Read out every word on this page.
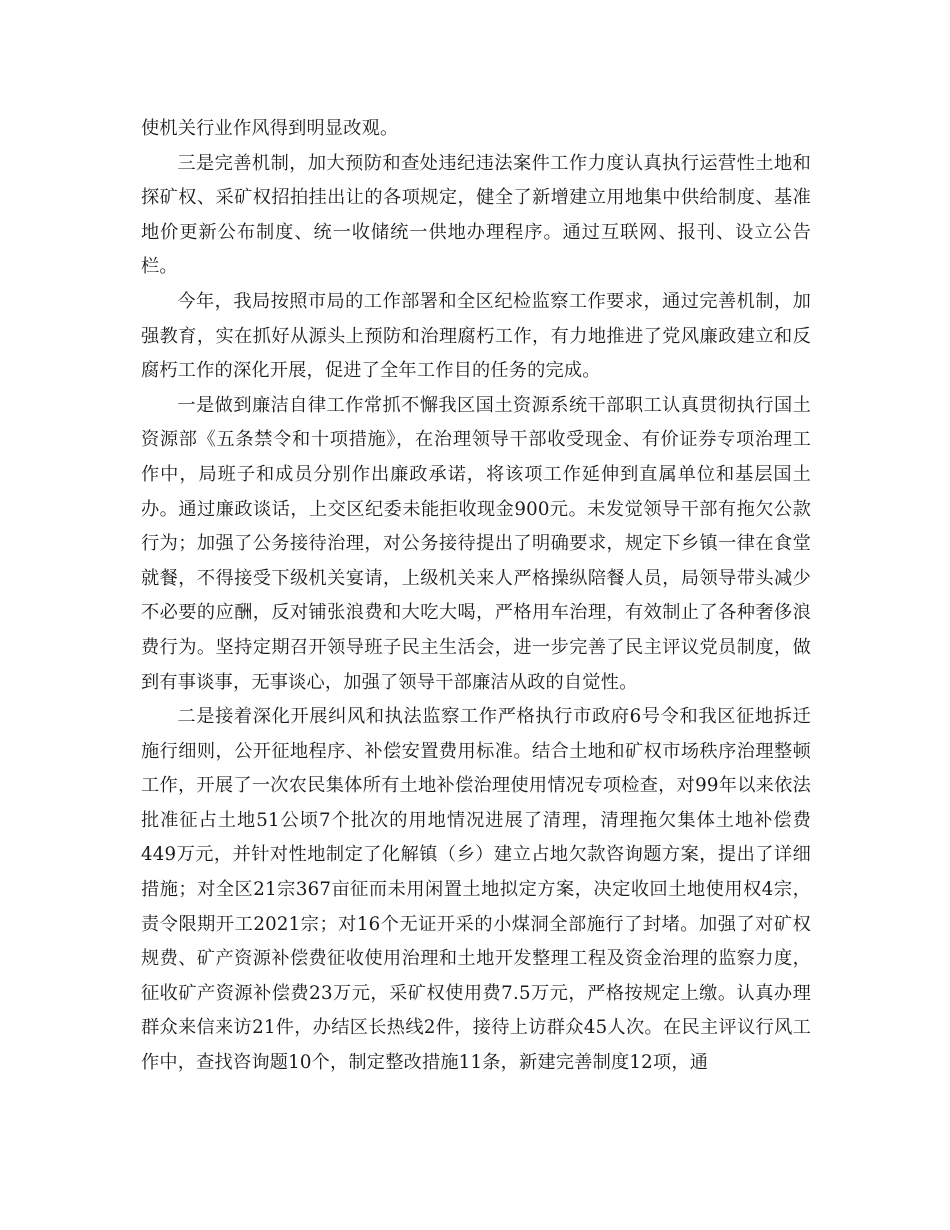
使机关行业作风得到明显改观。

三是完善机制，加大预防和查处违纪违法案件工作力度认真执行运营性土地和探矿权、采矿权招拍挂出让的各项规定，健全了新增建立用地集中供给制度、基准地价更新公布制度、统一收储统一供地办理程序。通过互联网、报刊、设立公告栏。

今年，我局按照市局的工作部署和全区纪检监察工作要求，通过完善机制，加强教育，实在抓好从源头上预防和治理腐朽工作，有力地推进了党风廉政建立和反腐朽工作的深化开展，促进了全年工作目的任务的完成。

一是做到廉洁自律工作常抓不懈我区国土资源系统干部职工认真贯彻执行国土资源部《五条禁令和十项措施》，在治理领导干部收受现金、有价证券专项治理工作中，局班子和成员分别作出廉政承诺，将该项工作延伸到直属单位和基层国土办。通过廉政谈话，上交区纪委未能拒收现金900元。未发觉领导干部有拖欠公款行为；加强了公务接待治理，对公务接待提出了明确要求，规定下乡镇一律在食堂就餐，不得接受下级机关宴请，上级机关来人严格操纵陪餐人员，局领导带头减少不必要的应酬，反对铺张浪费和大吃大喝，严格用车治理，有效制止了各种奢侈浪费行为。坚持定期召开领导班子民主生活会，进一步完善了民主评议党员制度，做到有事谈事，无事谈心，加强了领导干部廉洁从政的自觉性。

二是接着深化开展纠风和执法监察工作严格执行市政府6号令和我区征地拆迁施行细则，公开征地程序、补偿安置费用标准。结合土地和矿权市场秩序治理整顿工作，开展了一次农民集体所有土地补偿治理使用情况专项检查，对99年以来依法批准征占土地51公顷7个批次的用地情况进展了清理，清理拖欠集体土地补偿费449万元，并针对性地制定了化解镇（乡）建立占地欠款咨询题方案，提出了详细措施；对全区21宗367亩征而未用闲置土地拟定方案，决定收回土地使用权4宗，责令限期开工2021宗；对16个无证开采的小煤洞全部施行了封堵。加强了对矿权规费、矿产资源补偿费征收使用治理和土地开发整理工程及资金治理的监察力度，征收矿产资源补偿费23万元，采矿权使用费7.5万元，严格按规定上缴。认真办理群众来信来访21件，办结区长热线2件，接待上访群众45人次。在民主评议行风工作中，查找咨询题10个，制定整改措施11条，新建完善制度12项，通
